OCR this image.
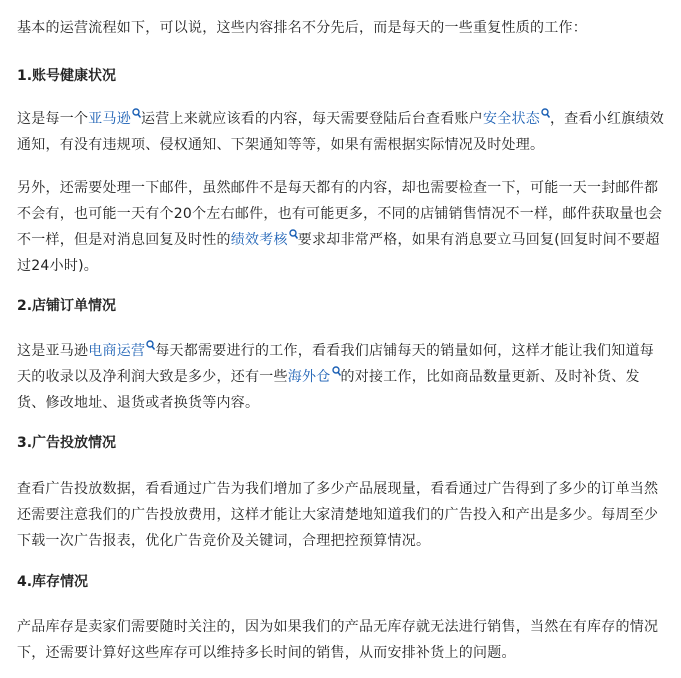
基本的运营流程如下，可以说，这些内容排名不分先后，而是每天的一些重复性质的工作：

1.账号健康状况

这是每一个亚马逊 运营上来就应该看的内容，每天需要登陆后台查看账户安全状态 ，查看小红旗绩效通知，有没有违规项、侵权通知、下架通知等等，如果有需根据实际情况及时处理。

另外，还需要处理一下邮件，虽然邮件不是每天都有的内容，却也需要检查一下，可能一天一封邮件都不会有，也可能一天有个20个左右邮件，也有可能更多，不同的店铺销售情况不一样，邮件获取量也会不一样，但是对消息回复及时性的绩效考核 要求却非常严格，如果有消息要立马回复(回复时间不要超过24小时)。

2.店铺订单情况

这是亚马逊电商运营 每天都需要进行的工作，看看我们店铺每天的销量如何，这样才能让我们知道每天的收录以及净利润大致是多少，还有一些海外仓 的对接工作，比如商品数量更新、及时补货、发货、修改地址、退货或者换货等内容。

3.广告投放情况

查看广告投放数据，看看通过广告为我们增加了多少产品展现量，看看通过广告得到了多少的订单当然还需要注意我们的广告投放费用，这样才能让大家清楚地知道我们的广告投入和产出是多少。每周至少下载一次广告报表，优化广告竞价及关键词，合理把控预算情况。

4.库存情况

产品库存是卖家们需要随时关注的，因为如果我们的产品无库存就无法进行销售，当然在有库存的情况下，还需要计算好这些库存可以维持多长时间的销售，从而安排补货上的问题。
